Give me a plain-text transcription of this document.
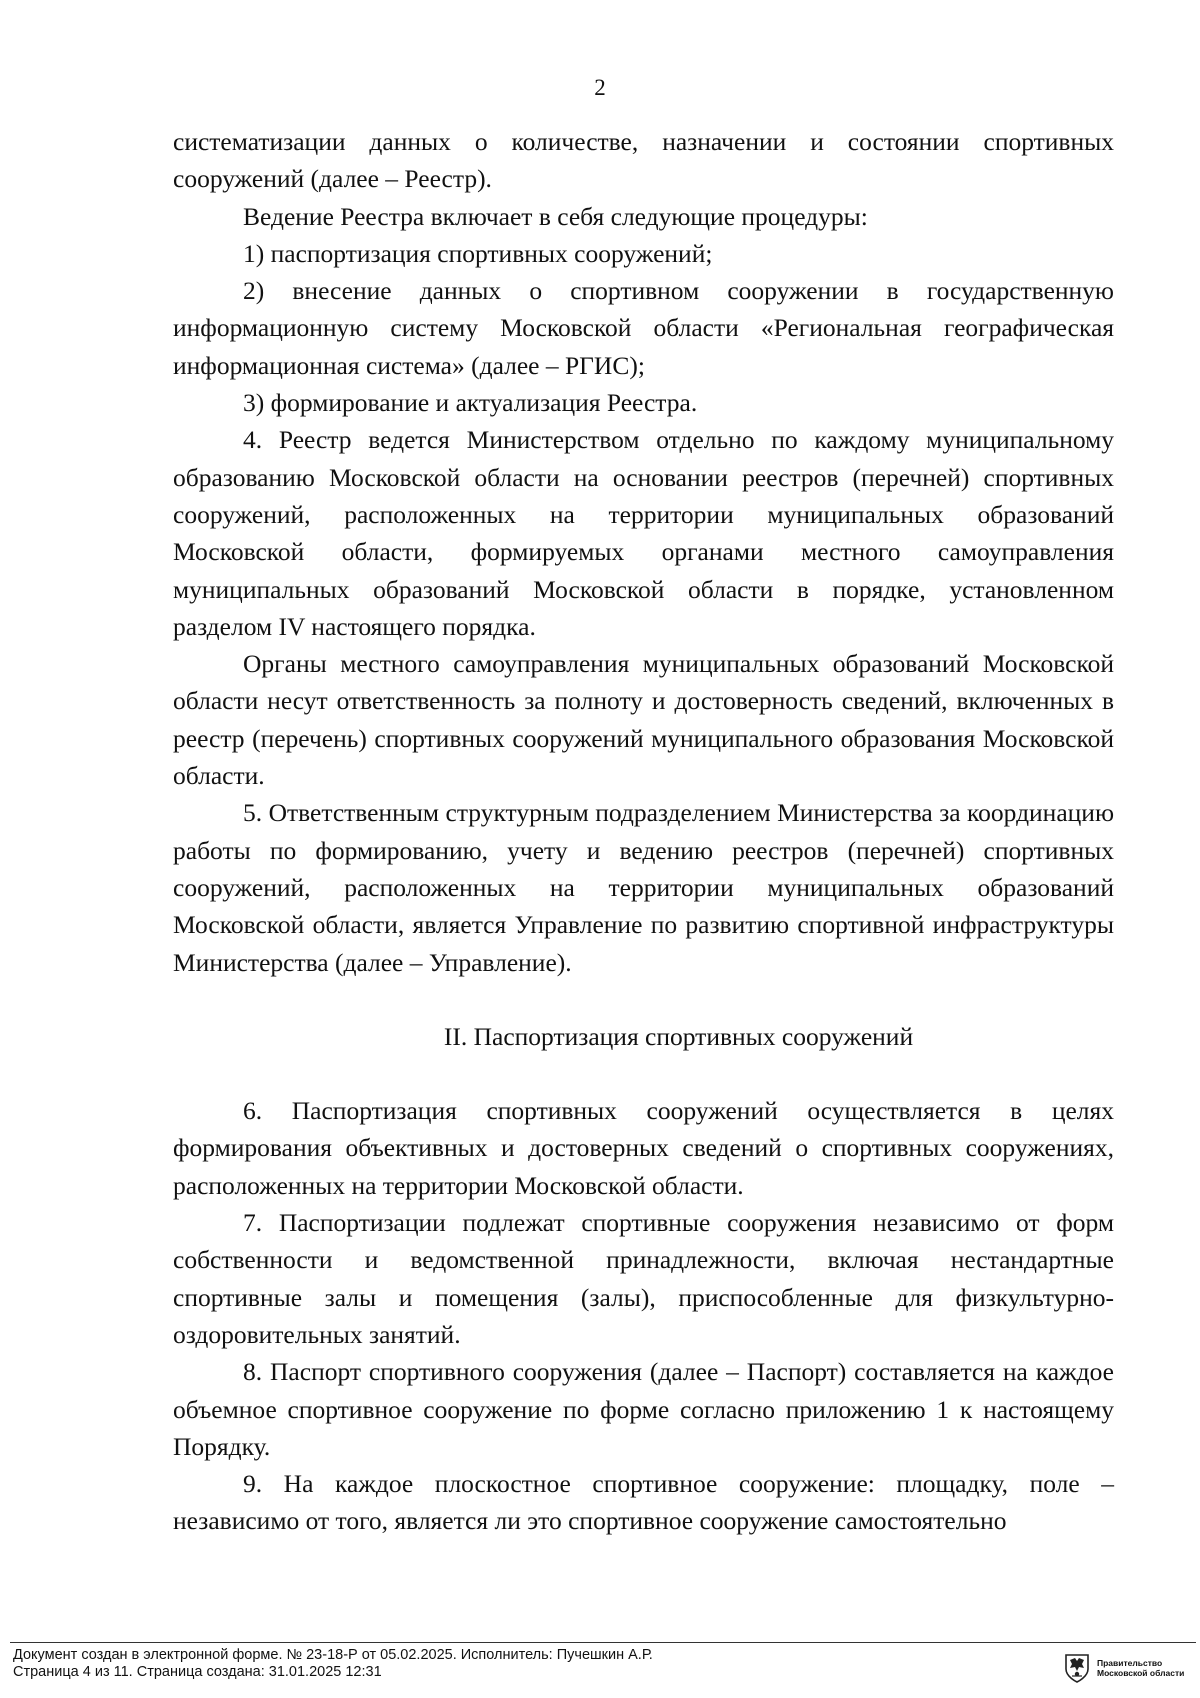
2

систематизации данных о количестве, назначении и состоянии спортивных сооружений (далее – Реестр).

Ведение Реестра включает в себя следующие процедуры:

1) паспортизация спортивных сооружений;

2) внесение данных о спортивном сооружении в государственную информационную систему Московской области «Региональная географическая информационная система» (далее – РГИС);

3) формирование и актуализация Реестра.

4. Реестр ведется Министерством отдельно по каждому муниципальному образованию Московской области на основании реестров (перечней) спортивных сооружений, расположенных на территории муниципальных образований Московской области, формируемых органами местного самоуправления муниципальных образований Московской области в порядке, установленном разделом IV настоящего порядка.

Органы местного самоуправления муниципальных образований Московской области несут ответственность за полноту и достоверность сведений, включенных в реестр (перечень) спортивных сооружений муниципального образования Московской области.

5. Ответственным структурным подразделением Министерства за координацию работы по формированию, учету и ведению реестров (перечней) спортивных сооружений, расположенных на территории муниципальных образований Московской области, является Управление по развитию спортивной инфраструктуры Министерства (далее – Управление).

II. Паспортизация спортивных сооружений

6. Паспортизация спортивных сооружений осуществляется в целях формирования объективных и достоверных сведений о спортивных сооружениях, расположенных на территории Московской области.

7. Паспортизации подлежат спортивные сооружения независимо от форм собственности и ведомственной принадлежности, включая нестандартные спортивные залы и помещения (залы), приспособленные для физкультурно-оздоровительных занятий.

8. Паспорт спортивного сооружения (далее – Паспорт) составляется на каждое объемное спортивное сооружение по форме согласно приложению 1 к настоящему Порядку.

9. На каждое плоскостное спортивное сооружение: площадку, поле – независимо от того, является ли это спортивное сооружение самостоятельно

Документ создан в электронной форме. № 23-18-Р от 05.02.2025. Исполнитель: Пучешкин А.Р.
Страница 4 из 11. Страница создана: 31.01.2025 12:31
Правительство
Московской области
